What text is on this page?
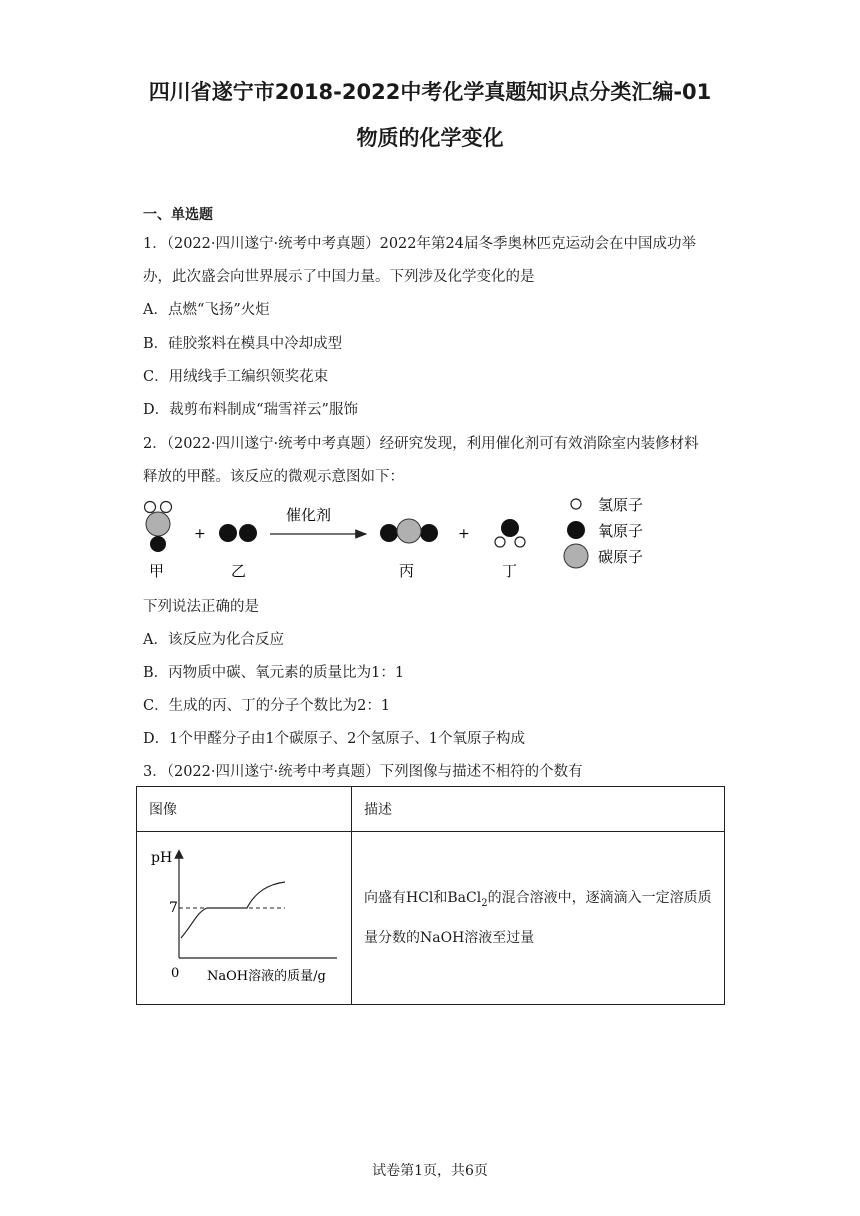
四川省遂宁市2018-2022中考化学真题知识点分类汇编-01
物质的化学变化
一、单选题
1．（2022·四川遂宁·统考中考真题）2022年第24届冬季奥林匹克运动会在中国成功举
办，此次盛会向世界展示了中国力量。下列涉及化学变化的是
A．点燃“飞扬”火炬
B．硅胶浆料在模具中冷却成型
C．用绒线手工编织领奖花束
D．裁剪布料制成“瑞雪祥云”服饰
2．（2022·四川遂宁·统考中考真题）经研究发现，利用催化剂可有效消除室内装修材料
释放的甲醛。该反应的微观示意图如下：
+
催化剂
+
甲	乙	丙	丁
氢原子
氧原子
碳原子
下列说法正确的是
A．该反应为化合反应
B．丙物质中碳、氧元素的质量比为1：1
C．生成的丙、丁的分子个数比为2：1
D．1个甲醛分子由1个碳原子、2个氢原子、1个氧原子构成
3．（2022·四川遂宁·统考中考真题）下列图像与描述不相符的个数有
图像	描述

pH
7
0 NaOH溶液的质量/g	向盛有HCl和BaCl$_2$的混合溶液中，逐滴滴入一定溶质质量分数的NaOH溶液至过量
试卷第1页，共6页
